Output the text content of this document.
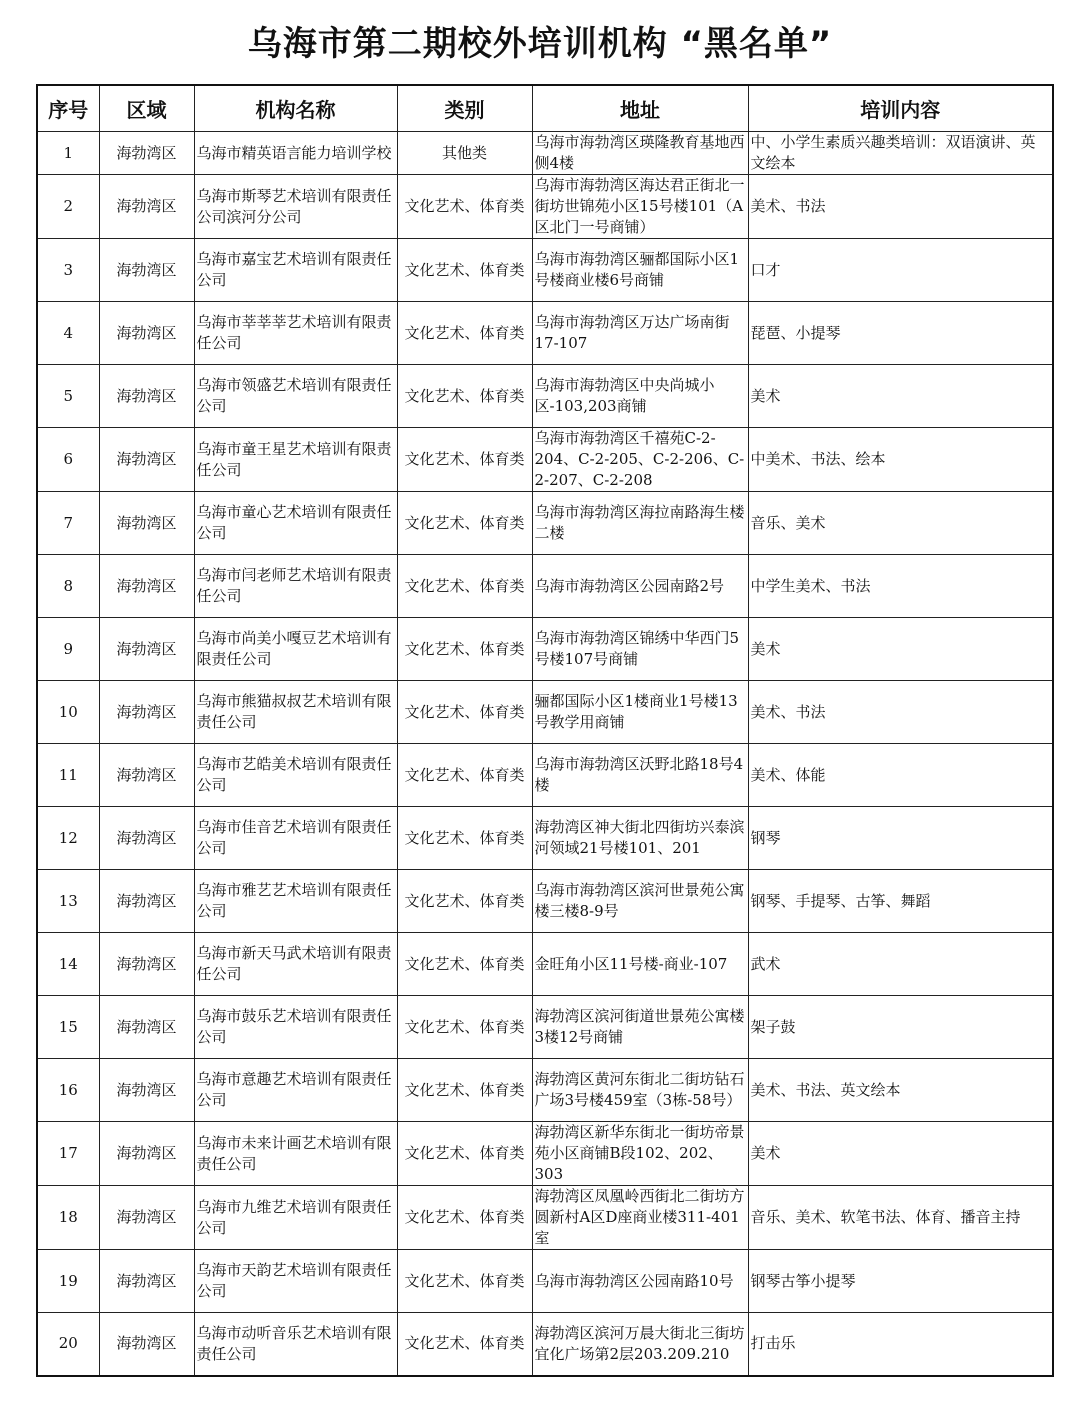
乌海市第二期校外培训机构 “黑名单”
序号	区域	机构名称	类别	地址	培训内容
1	海勃湾区	乌海市精英语言能力培训学校	其他类	乌海市海勃湾区瑛隆教育基地西侧4楼	中、小学生素质兴趣类培训：双语演讲、英文绘本
2	海勃湾区	乌海市斯琴艺术培训有限责任公司滨河分公司	文化艺术、体育类	乌海市海勃湾区海达君正街北一街坊世锦苑小区15号楼101（A区北门一号商铺）	美术、书法
3	海勃湾区	乌海市嘉宝艺术培训有限责任公司	文化艺术、体育类	乌海市海勃湾区骊都国际小区1号楼商业楼6号商铺	口才
4	海勃湾区	乌海市莘莘莘艺术培训有限责任公司	文化艺术、体育类	乌海市海勃湾区万达广场南街17-107	琵琶、小提琴
5	海勃湾区	乌海市领盛艺术培训有限责任公司	文化艺术、体育类	乌海市海勃湾区中央尚城小区-103,203商铺	美术
6	海勃湾区	乌海市童王星艺术培训有限责任公司	文化艺术、体育类	乌海市海勃湾区千禧苑C-2-204、C-2-205、C-2-206、C-2-207、C-2-208	中美术、书法、绘本
7	海勃湾区	乌海市童心艺术培训有限责任公司	文化艺术、体育类	乌海市海勃湾区海拉南路海生楼二楼	音乐、美术
8	海勃湾区	乌海市闫老师艺术培训有限责任公司	文化艺术、体育类	乌海市海勃湾区公园南路2号	中学生美术、书法
9	海勃湾区	乌海市尚美小嘎豆艺术培训有限责任公司	文化艺术、体育类	乌海市海勃湾区锦绣中华西门5号楼107号商铺	美术
10	海勃湾区	乌海市熊猫叔叔艺术培训有限责任公司	文化艺术、体育类	骊都国际小区1楼商业1号楼13号教学用商铺	美术、书法
11	海勃湾区	乌海市艺皓美术培训有限责任公司	文化艺术、体育类	乌海市海勃湾区沃野北路18号4楼	美术、体能
12	海勃湾区	乌海市佳音艺术培训有限责任公司	文化艺术、体育类	海勃湾区神大街北四街坊兴泰滨河领域21号楼101、201	钢琴
13	海勃湾区	乌海市雅艺艺术培训有限责任公司	文化艺术、体育类	乌海市海勃湾区滨河世景苑公寓楼三楼8-9号	钢琴、手提琴、古筝、舞蹈
14	海勃湾区	乌海市新天马武术培训有限责任公司	文化艺术、体育类	金旺角小区11号楼-商业-107	武术
15	海勃湾区	乌海市鼓乐艺术培训有限责任公司	文化艺术、体育类	海勃湾区滨河街道世景苑公寓楼3楼12号商铺	架子鼓
16	海勃湾区	乌海市意趣艺术培训有限责任公司	文化艺术、体育类	海勃湾区黄河东街北二街坊钻石广场3号楼459室（3栋-58号）	美术、书法、英文绘本
17	海勃湾区	乌海市未来计画艺术培训有限责任公司	文化艺术、体育类	海勃湾区新华东街北一街坊帝景苑小区商铺B段102、202、303	美术
18	海勃湾区	乌海市九维艺术培训有限责任公司	文化艺术、体育类	海勃湾区凤凰岭西街北二街坊方圆新村A区D座商业楼311-401室	音乐、美术、软笔书法、体育、播音主持
19	海勃湾区	乌海市天韵艺术培训有限责任公司	文化艺术、体育类	乌海市海勃湾区公园南路10号	钢琴古筝小提琴
20	海勃湾区	乌海市动听音乐艺术培训有限责任公司	文化艺术、体育类	海勃湾区滨河万晨大街北三街坊宜化广场第2层203.209.210	打击乐
